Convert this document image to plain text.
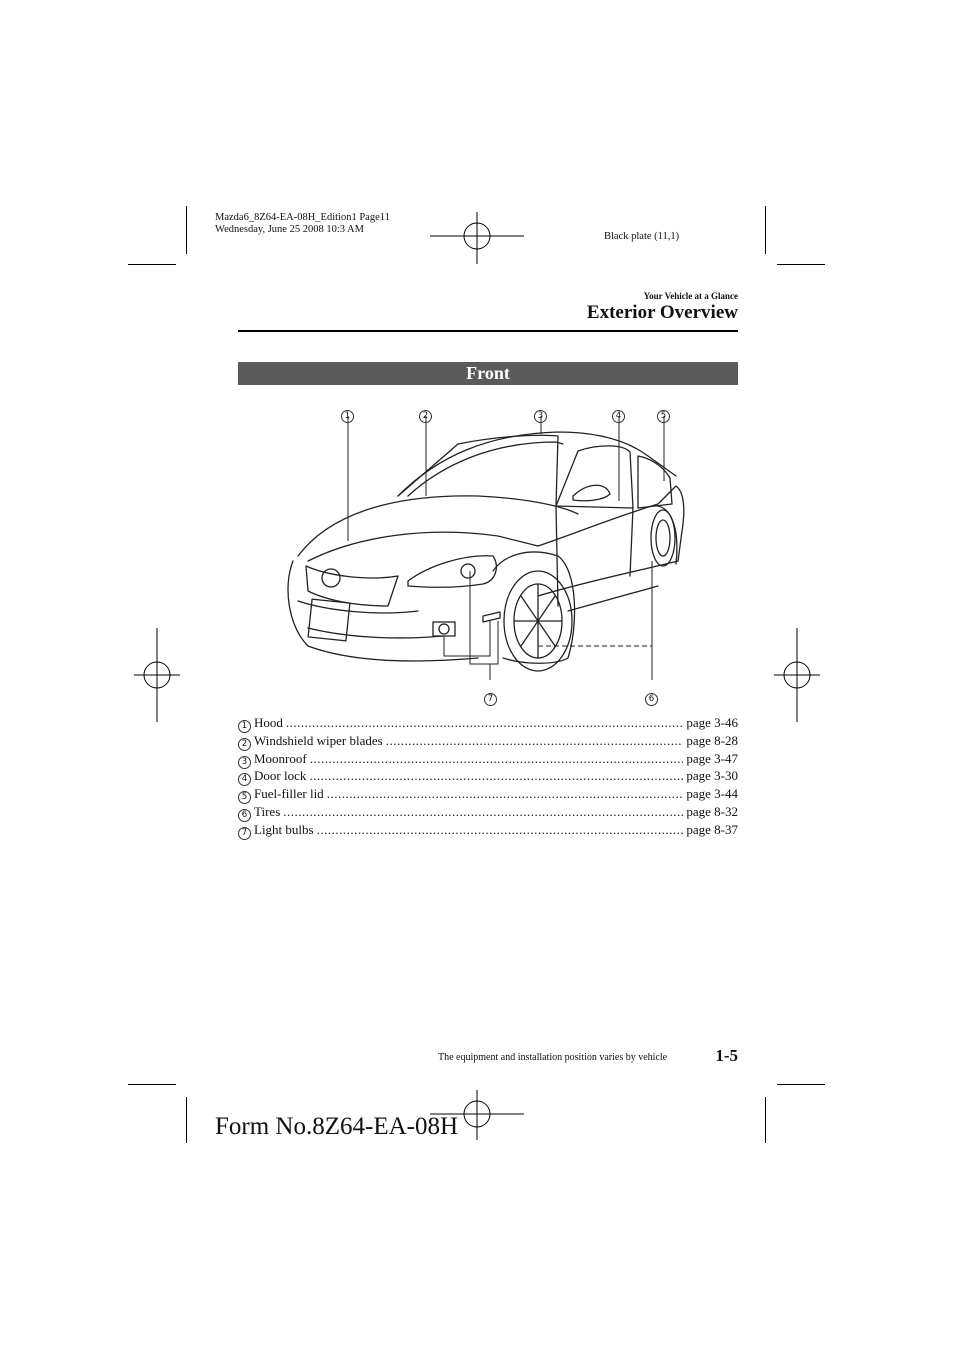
Mazda6_8Z64-EA-08H_Edition1 Page11
Wednesday, June 25 2008 10:3 AM
Black plate (11,1)
Your Vehicle at a Glance
Exterior Overview
Front
1	2	3	4	5
6
7
1 Hood .....	page 3-46
2 Windshield wiper blades .....	page 8-28
3 Moonroof .....	page 3-47
4 Door lock .....	page 3-30
5 Fuel-filler lid .....	page 3-44
6 Tires .....	page 8-32
7 Light bulbs .....	page 8-37
The equipment and installation position varies by vehicle	1-5
Form No.8Z64-EA-08H
